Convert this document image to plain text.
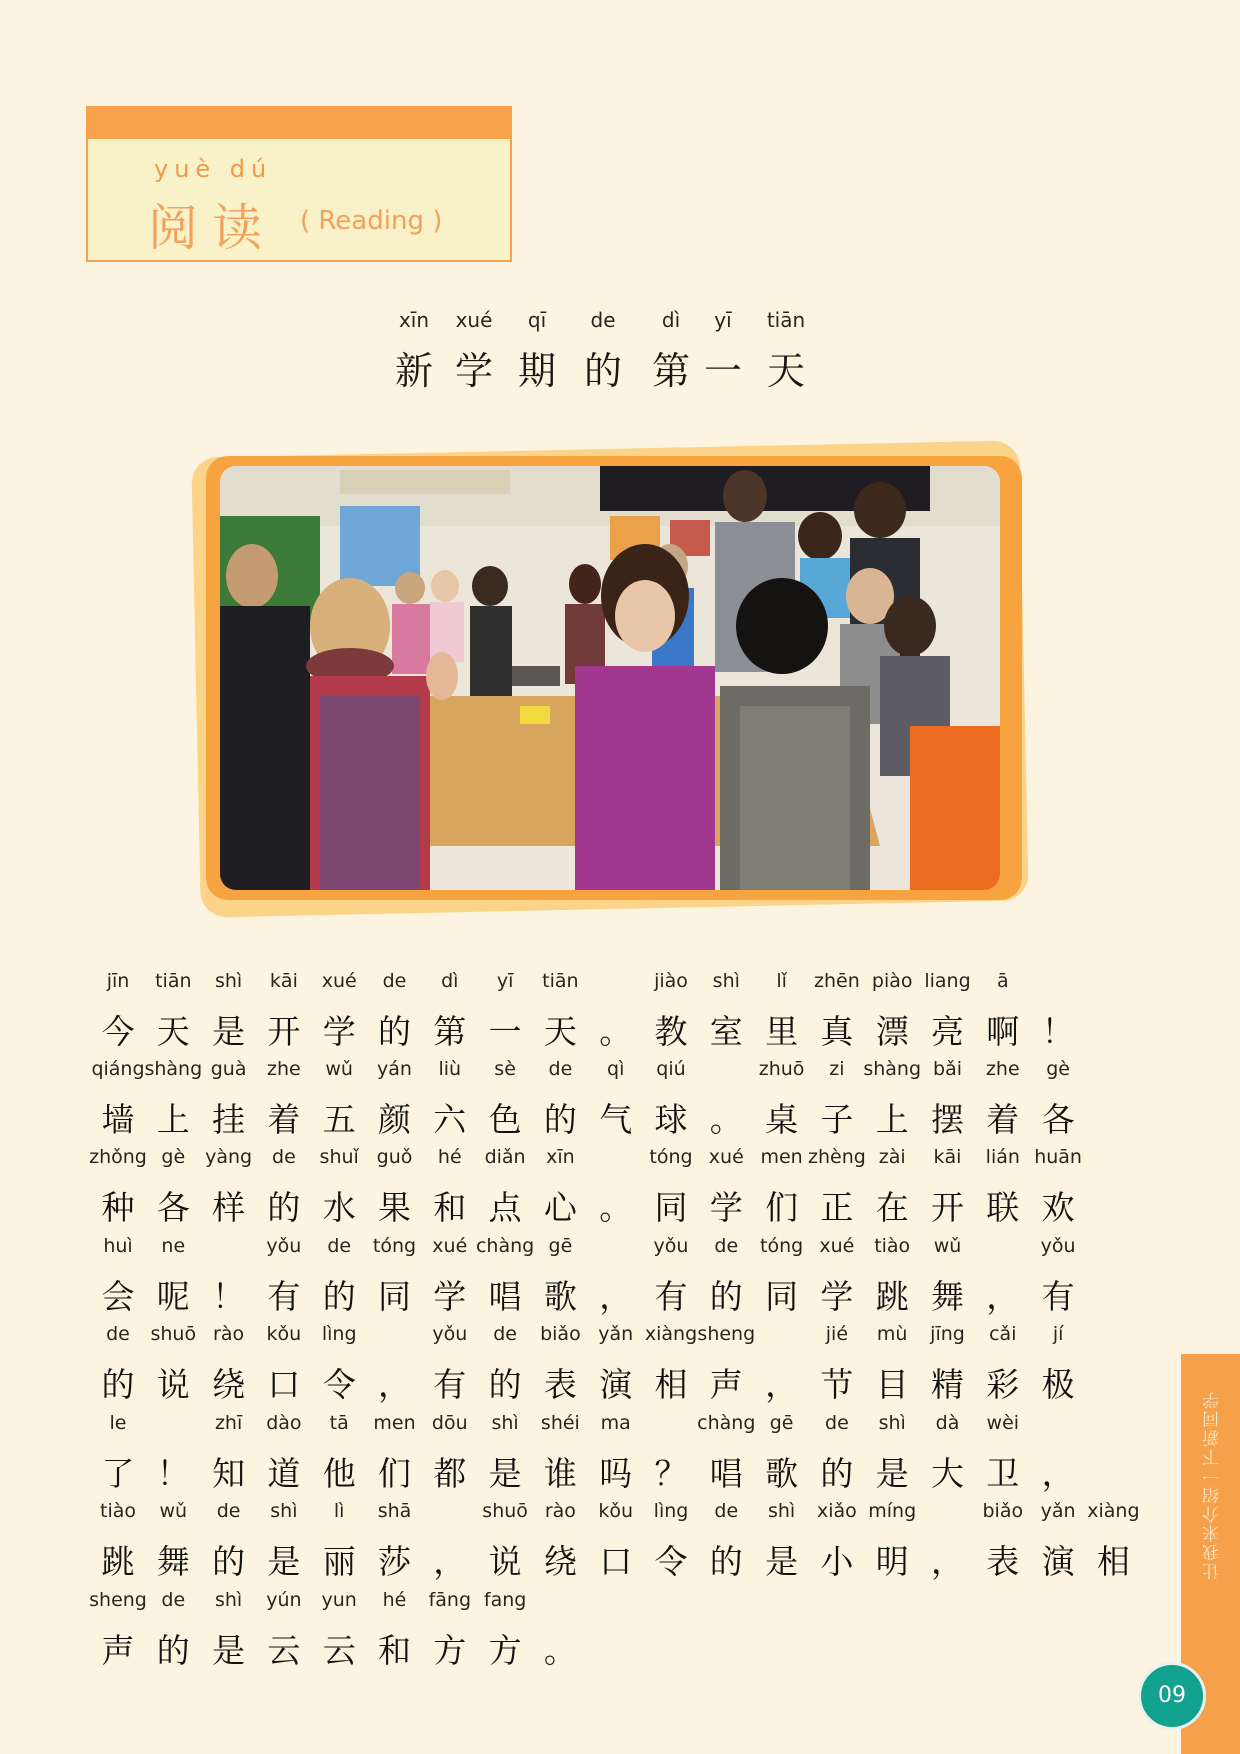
yuè dú
阅读 ( Reading )
xīn xué qī de dì yī tiān
新 学 期 的 第 一 天
今
jīn
天
tiān
是
shì
开
kāi
学
xué
的
de
第
dì
一
yī
天
tiān
。 教
jiào
室
shì
里
lǐ
真
zhēn
漂
piào
亮
liang
啊
ā
！
墙
qiáng
上
shàng
挂
guà
着
zhe
五
wǔ
颜
yán
六
liù
色
sè
的
de
气
qì
球
qiú
。 桌
zhuō
子
zi
上
shàng
摆
bǎi
着
zhe
各
gè
种
zhǒng
各
gè
样
yàng
的
de
水
shuǐ
果
guǒ
和
hé
点
diǎn
心
xīn
。 同
tóng
学
xué
们
men
正
zhèng
在
zài
开
kāi
联
lián
欢
huān
会
huì
呢
ne
！ 有
yǒu
的
de
同
tóng
学
xué
唱
chàng
歌
gē
， 有
yǒu
的
de
同
tóng
学
xué
跳
tiào
舞
wǔ
， 有
yǒu
的
de
说
shuō
绕
rào
口
kǒu
令
lìng
， 有
yǒu
的
de
表
biǎo
演
yǎn
相
xiàng
声
sheng
， 节
jié
目
mù
精
jīng
彩
cǎi
极
jí
了
le
！ 知
zhī
道
dào
他
tā
们
men
都
dōu
是
shì
谁
shéi
吗
ma
？ 唱
chàng
歌
gē
的
de
是
shì
大
dà
卫
wèi
，
跳
tiào
舞
wǔ
的
de
是
shì
丽
lì
莎
shā
， 说
shuō
绕
rào
口
kǒu
令
lìng
的
de
是
shì
小
xiǎo
明
míng
， 表
biǎo
演
yǎn
相
xiàng
声
sheng
的
de
是
shì
云
yún
云
yun
和
hé
方
fāng
方
fang
。
让我来介绍一下新同学
09
